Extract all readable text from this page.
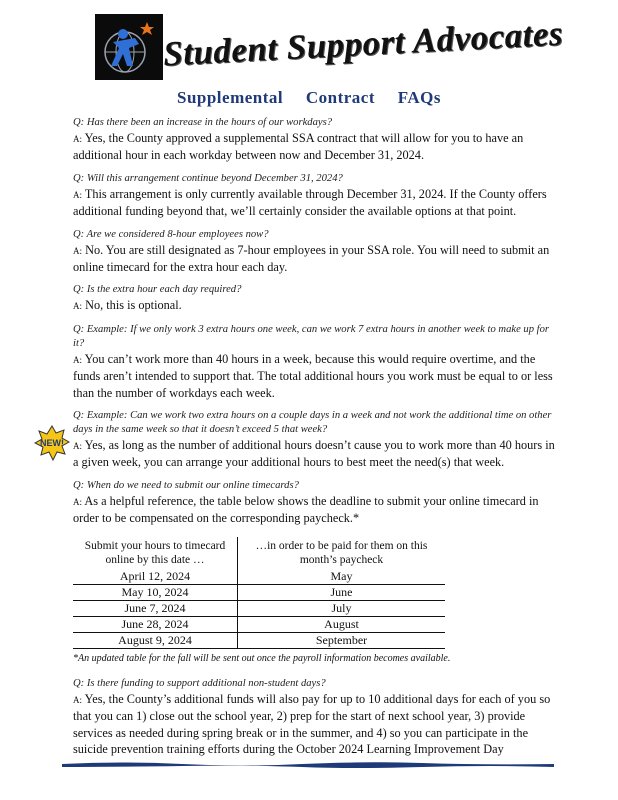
Student Support Advocates
Supplemental Contract FAQs
NEW!
Q: Has there been an increase in the hours of our workdays?
A: Yes, the County approved a supplemental SSA contract that will allow for you to have an additional hour in each workday between now and December 31, 2024.
Q: Will this arrangement continue beyond December 31, 2024?
A: This arrangement is only currently available through December 31, 2024. If the County offers additional funding beyond that, we’ll certainly consider the available options at that point.
Q: Are we considered 8-hour employees now?
A: No. You are still designated as 7-hour employees in your SSA role. You will need to submit an online timecard for the extra hour each day.
Q: Is the extra hour each day required?
A: No, this is optional.
Q: Example: If we only work 3 extra hours one week, can we work 7 extra hours in another week to make up for it?
A: You can’t work more than 40 hours in a week, because this would require overtime, and the funds aren’t intended to support that. The total additional hours you work must be equal to or less than the number of workdays each week.
Q: Example: Can we work two extra hours on a couple days in a week and not work the additional time on other days in the same week so that it doesn’t exceed 5 that week?
A: Yes, as long as the number of additional hours doesn’t cause you to work more than 40 hours in a given week, you can arrange your additional hours to best meet the need(s) that week.
Q: When do we need to submit our online timecards?
A: As a helpful reference, the table below shows the deadline to submit your online timecard in order to be compensated on the corresponding paycheck.*
Submit your hours to timecard online by this date …	…in order to be paid for them on this month’s paycheck
April 12, 2024	May
May 10, 2024	June
June 7, 2024	July
June 28, 2024	August
August 9, 2024	September
*An updated table for the fall will be sent out once the payroll information becomes available.
Q: Is there funding to support additional non-student days?
A: Yes, the County’s additional funds will also pay for up to 10 additional days for each of you so that you can 1) close out the school year, 2) prep for the start of next school year, 3) provide services as needed during spring break or in the summer, and 4) so you can participate in the suicide prevention training efforts during the October 2024 Learning Improvement Day
